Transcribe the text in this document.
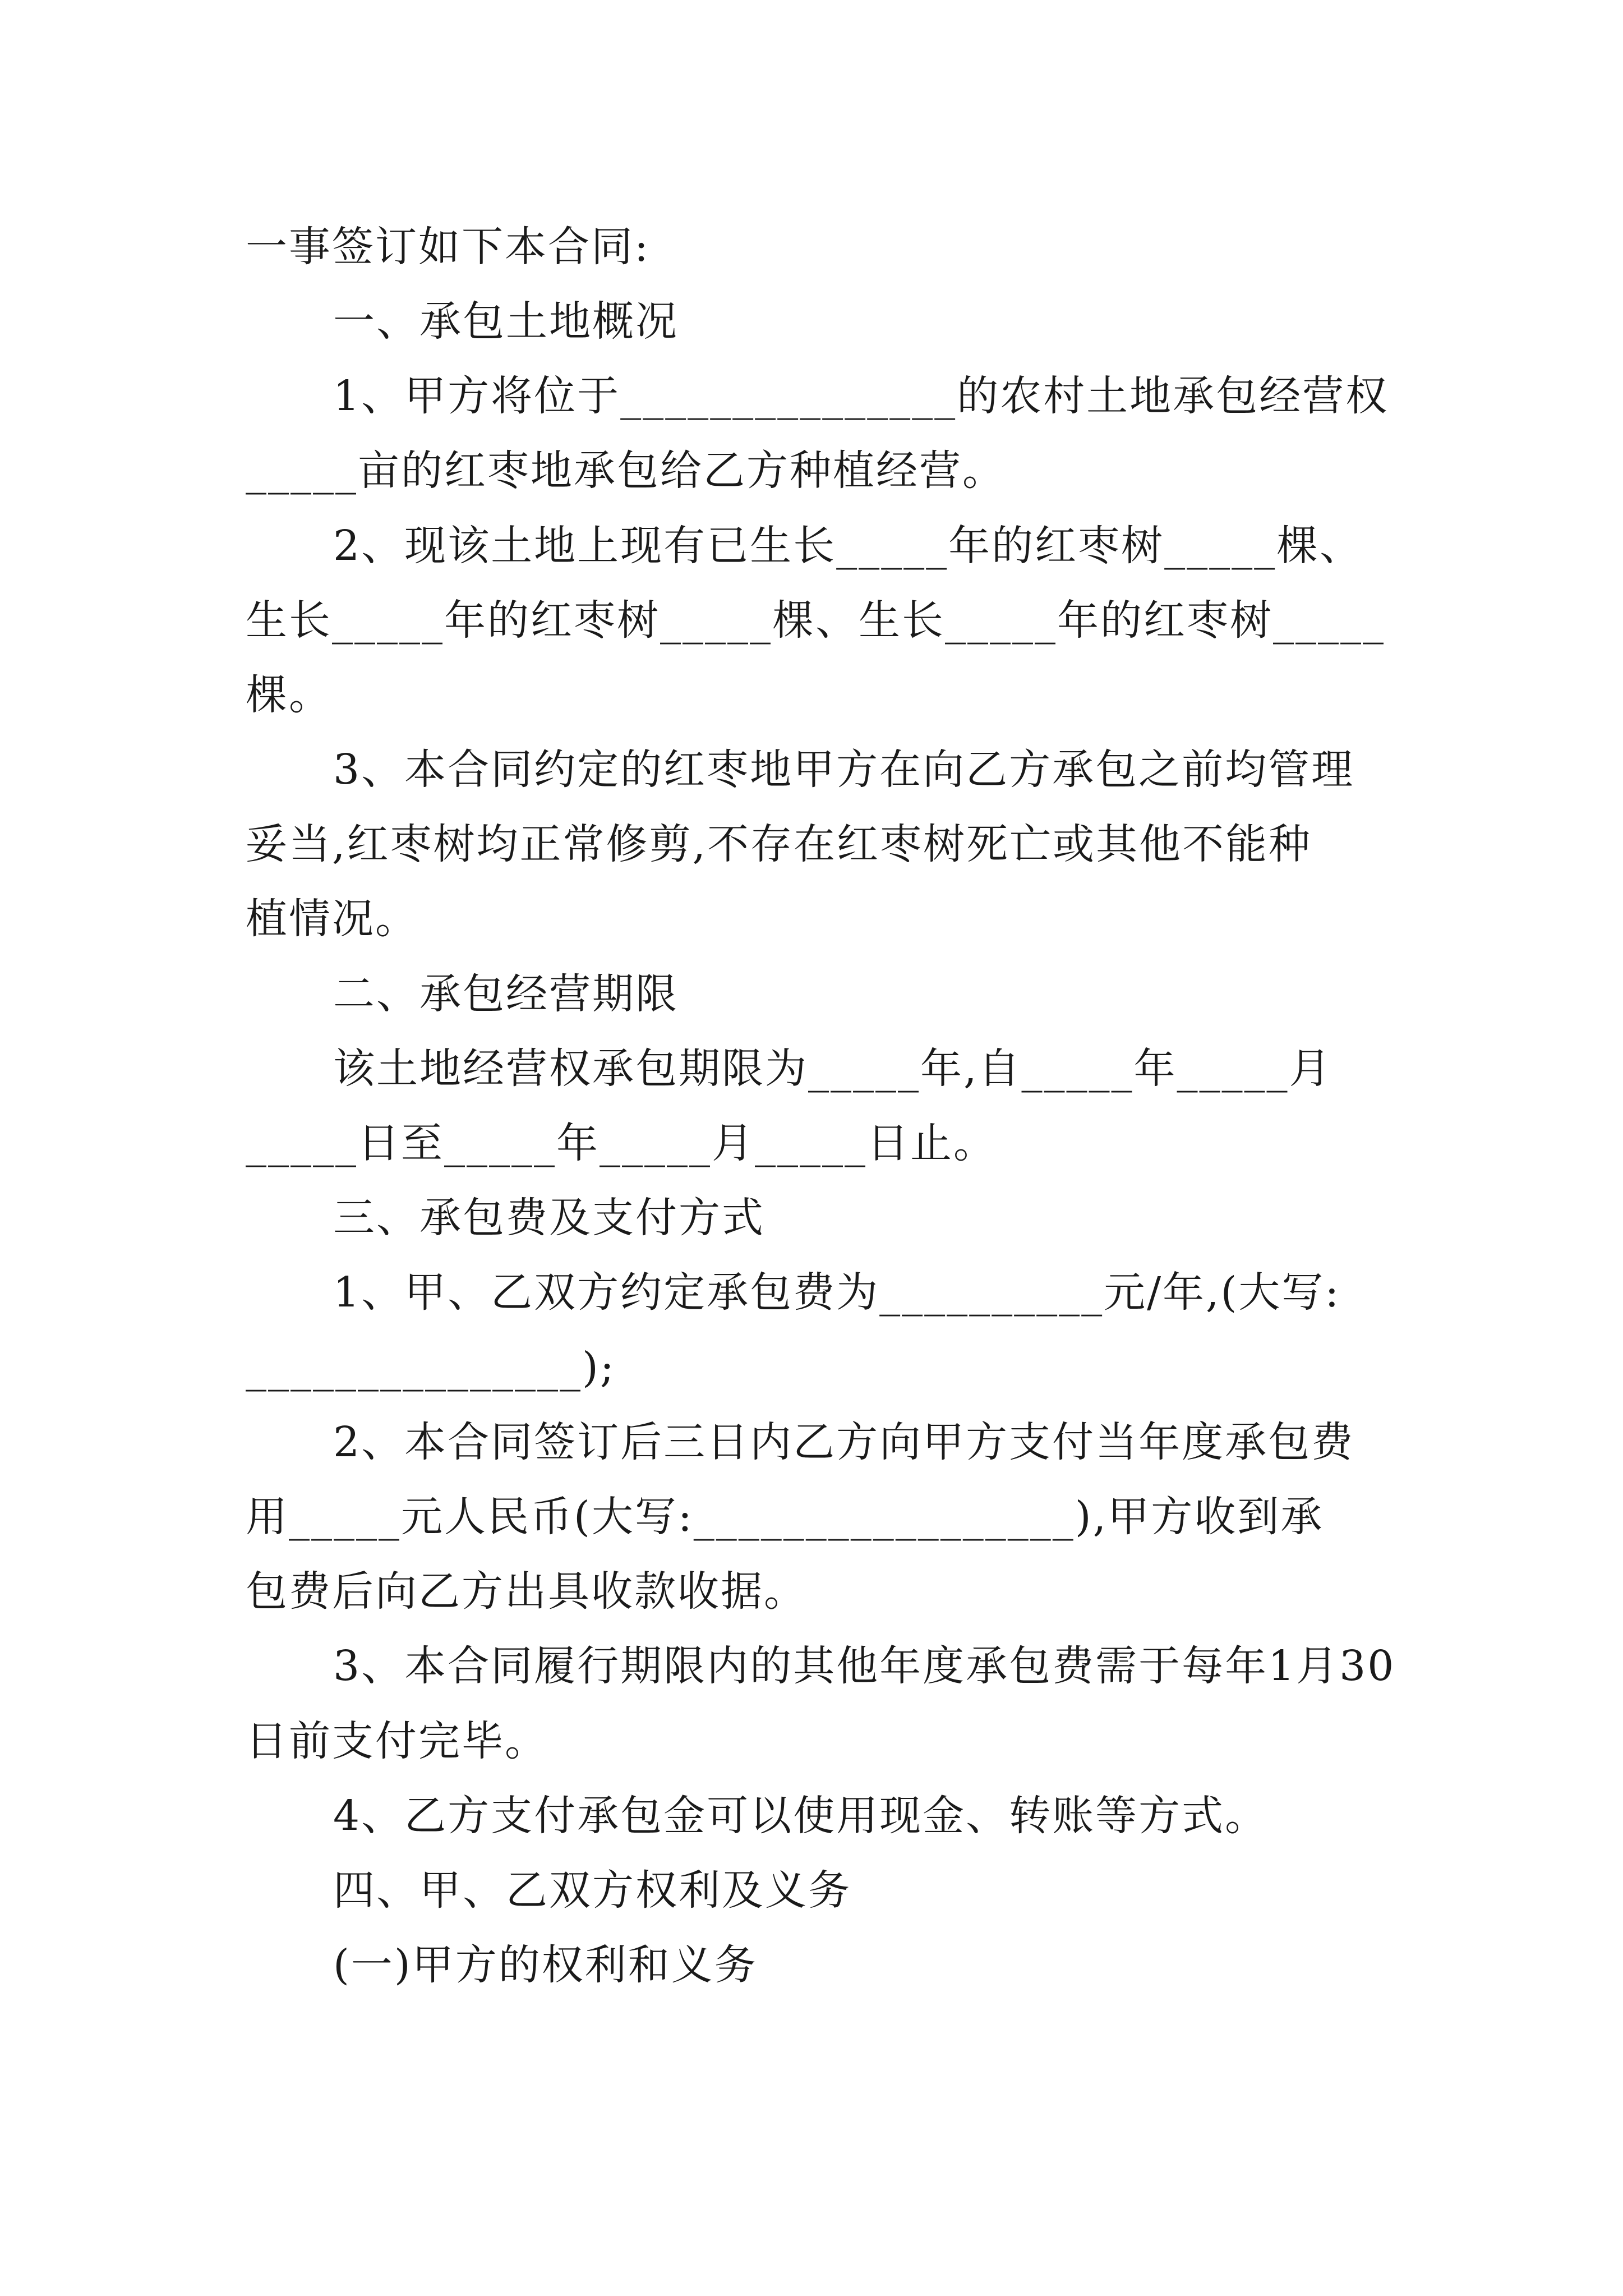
一事签订如下本合同:
一、承包土地概况
1、甲方将位于_______________的农村土地承包经营权
_____亩的红枣地承包给乙方种植经营。
2、现该土地上现有已生长_____年的红枣树_____棵、
生长_____年的红枣树_____棵、生长_____年的红枣树_____
棵。
3、本合同约定的红枣地甲方在向乙方承包之前均管理
妥当,红枣树均正常修剪,不存在红枣树死亡或其他不能种
植情况。
二、承包经营期限
该土地经营权承包期限为_____年,自_____年_____月
_____日至_____年_____月_____日止。
三、承包费及支付方式
1、甲、乙双方约定承包费为__________元/年,(大写:
_______________);
2、本合同签订后三日内乙方向甲方支付当年度承包费
用_____元人民币(大写:_________________),甲方收到承
包费后向乙方出具收款收据。
3、本合同履行期限内的其他年度承包费需于每年1月30
日前支付完毕。
4、乙方支付承包金可以使用现金、转账等方式。
四、甲、乙双方权利及义务
(一)甲方的权利和义务
